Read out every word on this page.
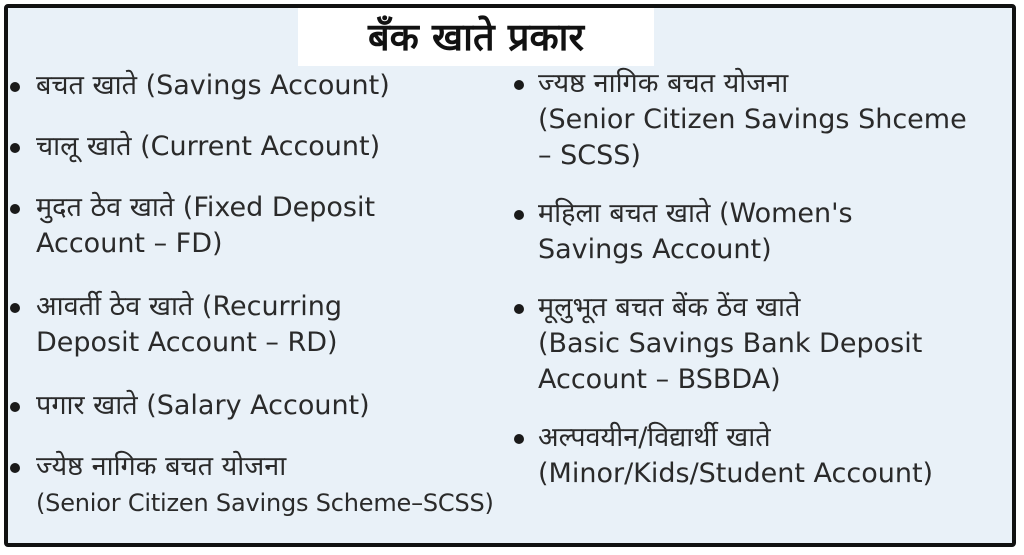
बँक खाते प्रकार
बचत खाते (Savings Account)
चालू खाते (Current Account)
मुदत ठेव खाते (Fixed Deposit
Account – FD)
आवर्ती ठेव खाते (Recurring
Deposit Account – RD)
पगार खाते (Salary Account)
ज्येष्ठ नागिक बचत योजना
(Senior Citizen Savings Scheme–SCSS)
ज्यष्ठ नागिक बचत योजना
(Senior Citizen Savings Shceme
– SCSS)
महिला बचत खाते (Women's
Savings Account)
मूलुभूत बचत बेंक ठेंव खाते
(Basic Savings Bank Deposit
Account – BSBDA)
अल्पवयीन/विद्यार्थी खाते
(Minor/Kids/Student Account)
